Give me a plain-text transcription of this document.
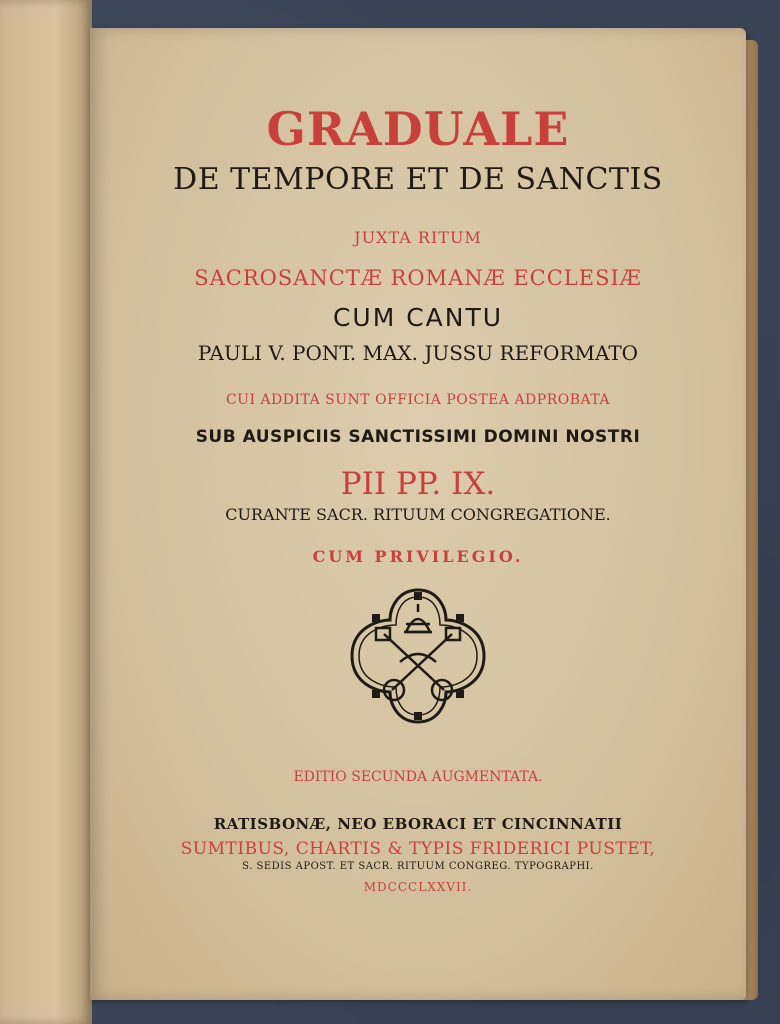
GRADUALE
DE TEMPORE ET DE SANCTIS
JUXTA RITUM
SACROSANCTÆ ROMANÆ ECCLESIÆ
CUM CANTU
PAULI V. PONT. MAX. JUSSU REFORMATO
CUI ADDITA SUNT OFFICIA POSTEA ADPROBATA
SUB AUSPICIIS SANCTISSIMI DOMINI NOSTRI
PII PP. IX.
CURANTE SACR. RITUUM CONGREGATIONE.
CUM PRIVILEGIO.
EDITIO SECUNDA AUGMENTATA.
RATISBONÆ, NEO EBORACI ET CINCINNATII
SUMTIBUS, CHARTIS & TYPIS FRIDERICI PUSTET,
S. SEDIS APOST. ET SACR. RITUUM CONGREG. TYPOGRAPHI.
MDCCCLXXVII.
